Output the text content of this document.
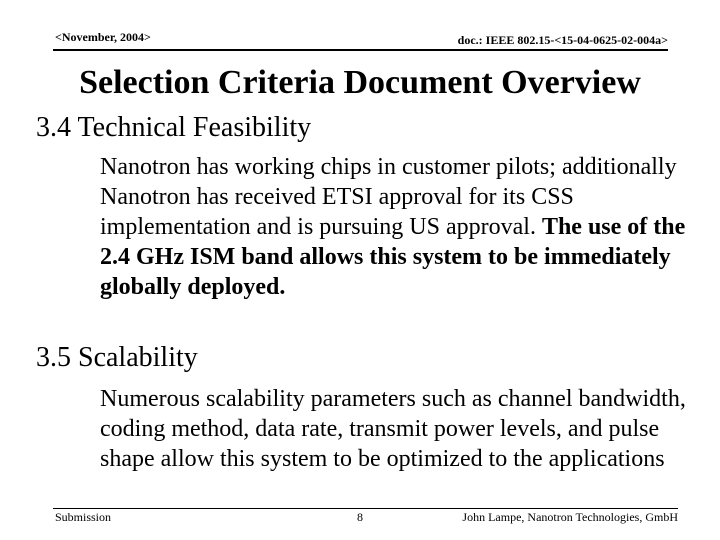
<November, 2004>	doc.: IEEE 802.15-<15-04-0625-02-004a>
Selection Criteria Document Overview
3.4 Technical Feasibility
Nanotron has working chips in customer pilots; additionally Nanotron has received ETSI approval for its CSS implementation and is pursuing US approval. The use of the 2.4 GHz ISM band allows this system to be immediately globally deployed.
3.5 Scalability
Numerous scalability parameters such as channel bandwidth, coding method, data rate, transmit power levels, and pulse shape allow this system to be optimized to the applications
Submission	8	John Lampe, Nanotron Technologies, GmbH
